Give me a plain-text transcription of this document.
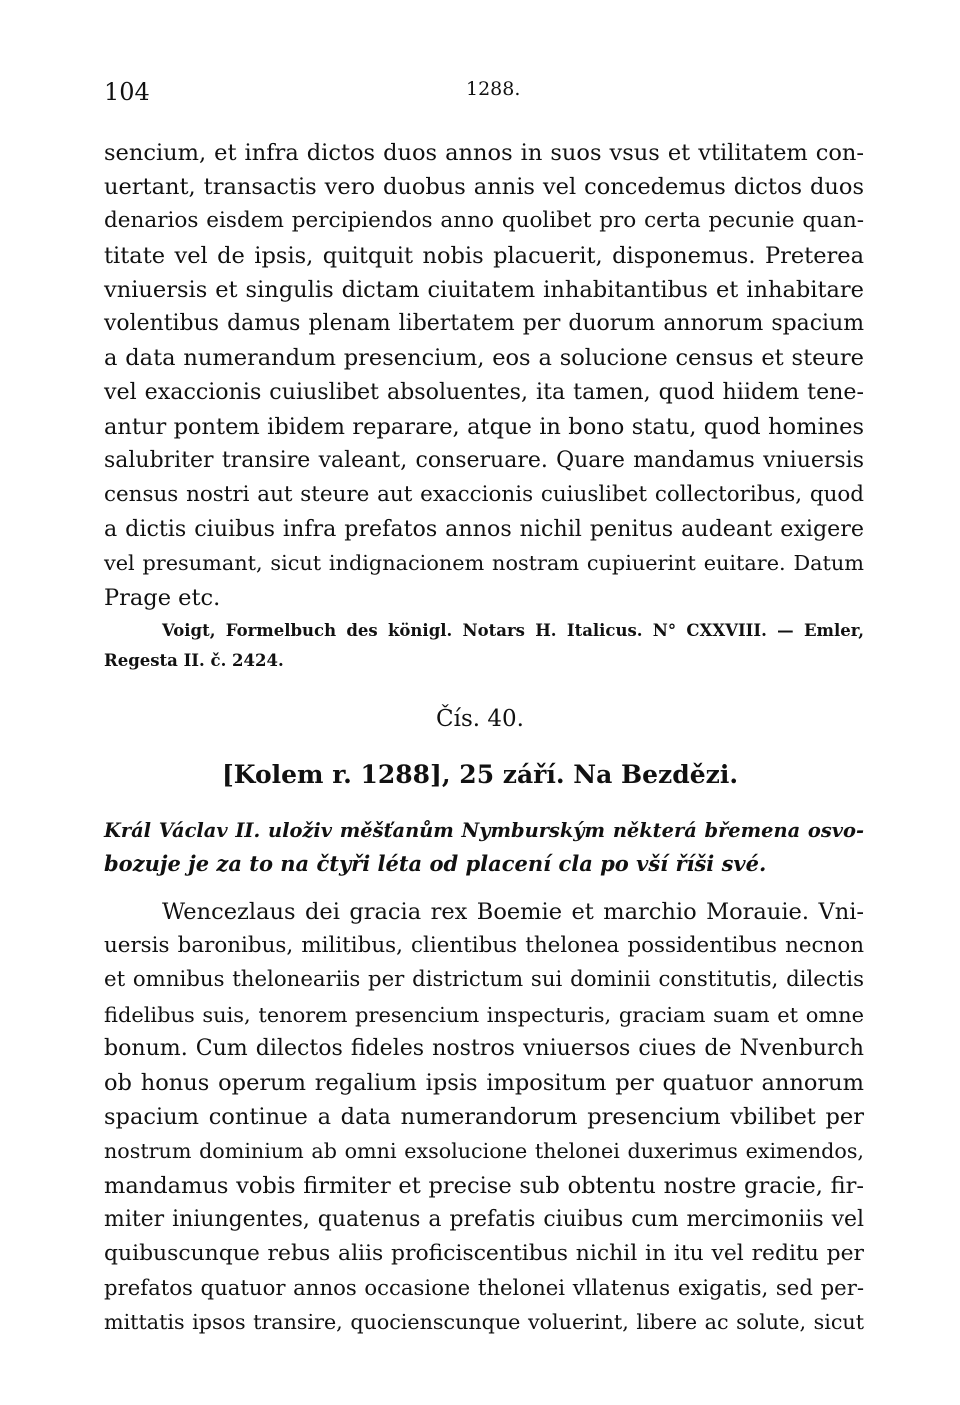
104	1288.
sencium, et infra dictos duos annos in suos vsus et vtilitatem con-
uertant, transactis vero duobus annis vel concedemus dictos duos
denarios eisdem percipiendos anno quolibet pro certa pecunie quan-
titate vel de ipsis, quitquit nobis placuerit, disponemus. Preterea
vniuersis et singulis dictam ciuitatem inhabitantibus et inhabitare
volentibus damus plenam libertatem per duorum annorum spacium
a data numerandum presencium, eos a solucione census et steure
vel exaccionis cuiuslibet absoluentes, ita tamen, quod hiidem tene-
antur pontem ibidem reparare, atque in bono statu, quod homines
salubriter transire valeant, conseruare. Quare mandamus vniuersis
census nostri aut steure aut exaccionis cuiuslibet collectoribus, quod
a dictis ciuibus infra prefatos annos nichil penitus audeant exigere
vel presumant, sicut indignacionem nostram cupiuerint euitare. Datum
Prage etc.
Voigt, Formelbuch des königl. Notars H. Italicus. N° CXXVIII. — Emler,
Regesta II. č. 2424.
Čís. 40.
[Kolem r. 1288], 25 září. Na Bezdězi.
Král Václav II. uloživ měšťanům Nymburským některá břemena osvo-
bozuje je za to na čtyři léta od placení cla po vší říši své.
Wencezlaus dei gracia rex Boemie et marchio Morauie. Vni-
uersis baronibus, militibus, clientibus thelonea possidentibus necnon
et omnibus theloneariis per districtum sui dominii constitutis, dilectis
fidelibus suis, tenorem presencium inspecturis, graciam suam et omne
bonum. Cum dilectos fideles nostros vniuersos ciues de Nvenburch
ob honus operum regalium ipsis impositum per quatuor annorum
spacium continue a data numerandorum presencium vbilibet per
nostrum dominium ab omni exsolucione thelonei duxerimus eximendos,
mandamus vobis firmiter et precise sub obtentu nostre gracie, fir-
miter iniungentes, quatenus a prefatis ciuibus cum mercimoniis vel
quibuscunque rebus aliis proficiscentibus nichil in itu vel reditu per
prefatos quatuor annos occasione thelonei vllatenus exigatis, sed per-
mittatis ipsos transire, quocienscunque voluerint, libere ac solute, sicut
